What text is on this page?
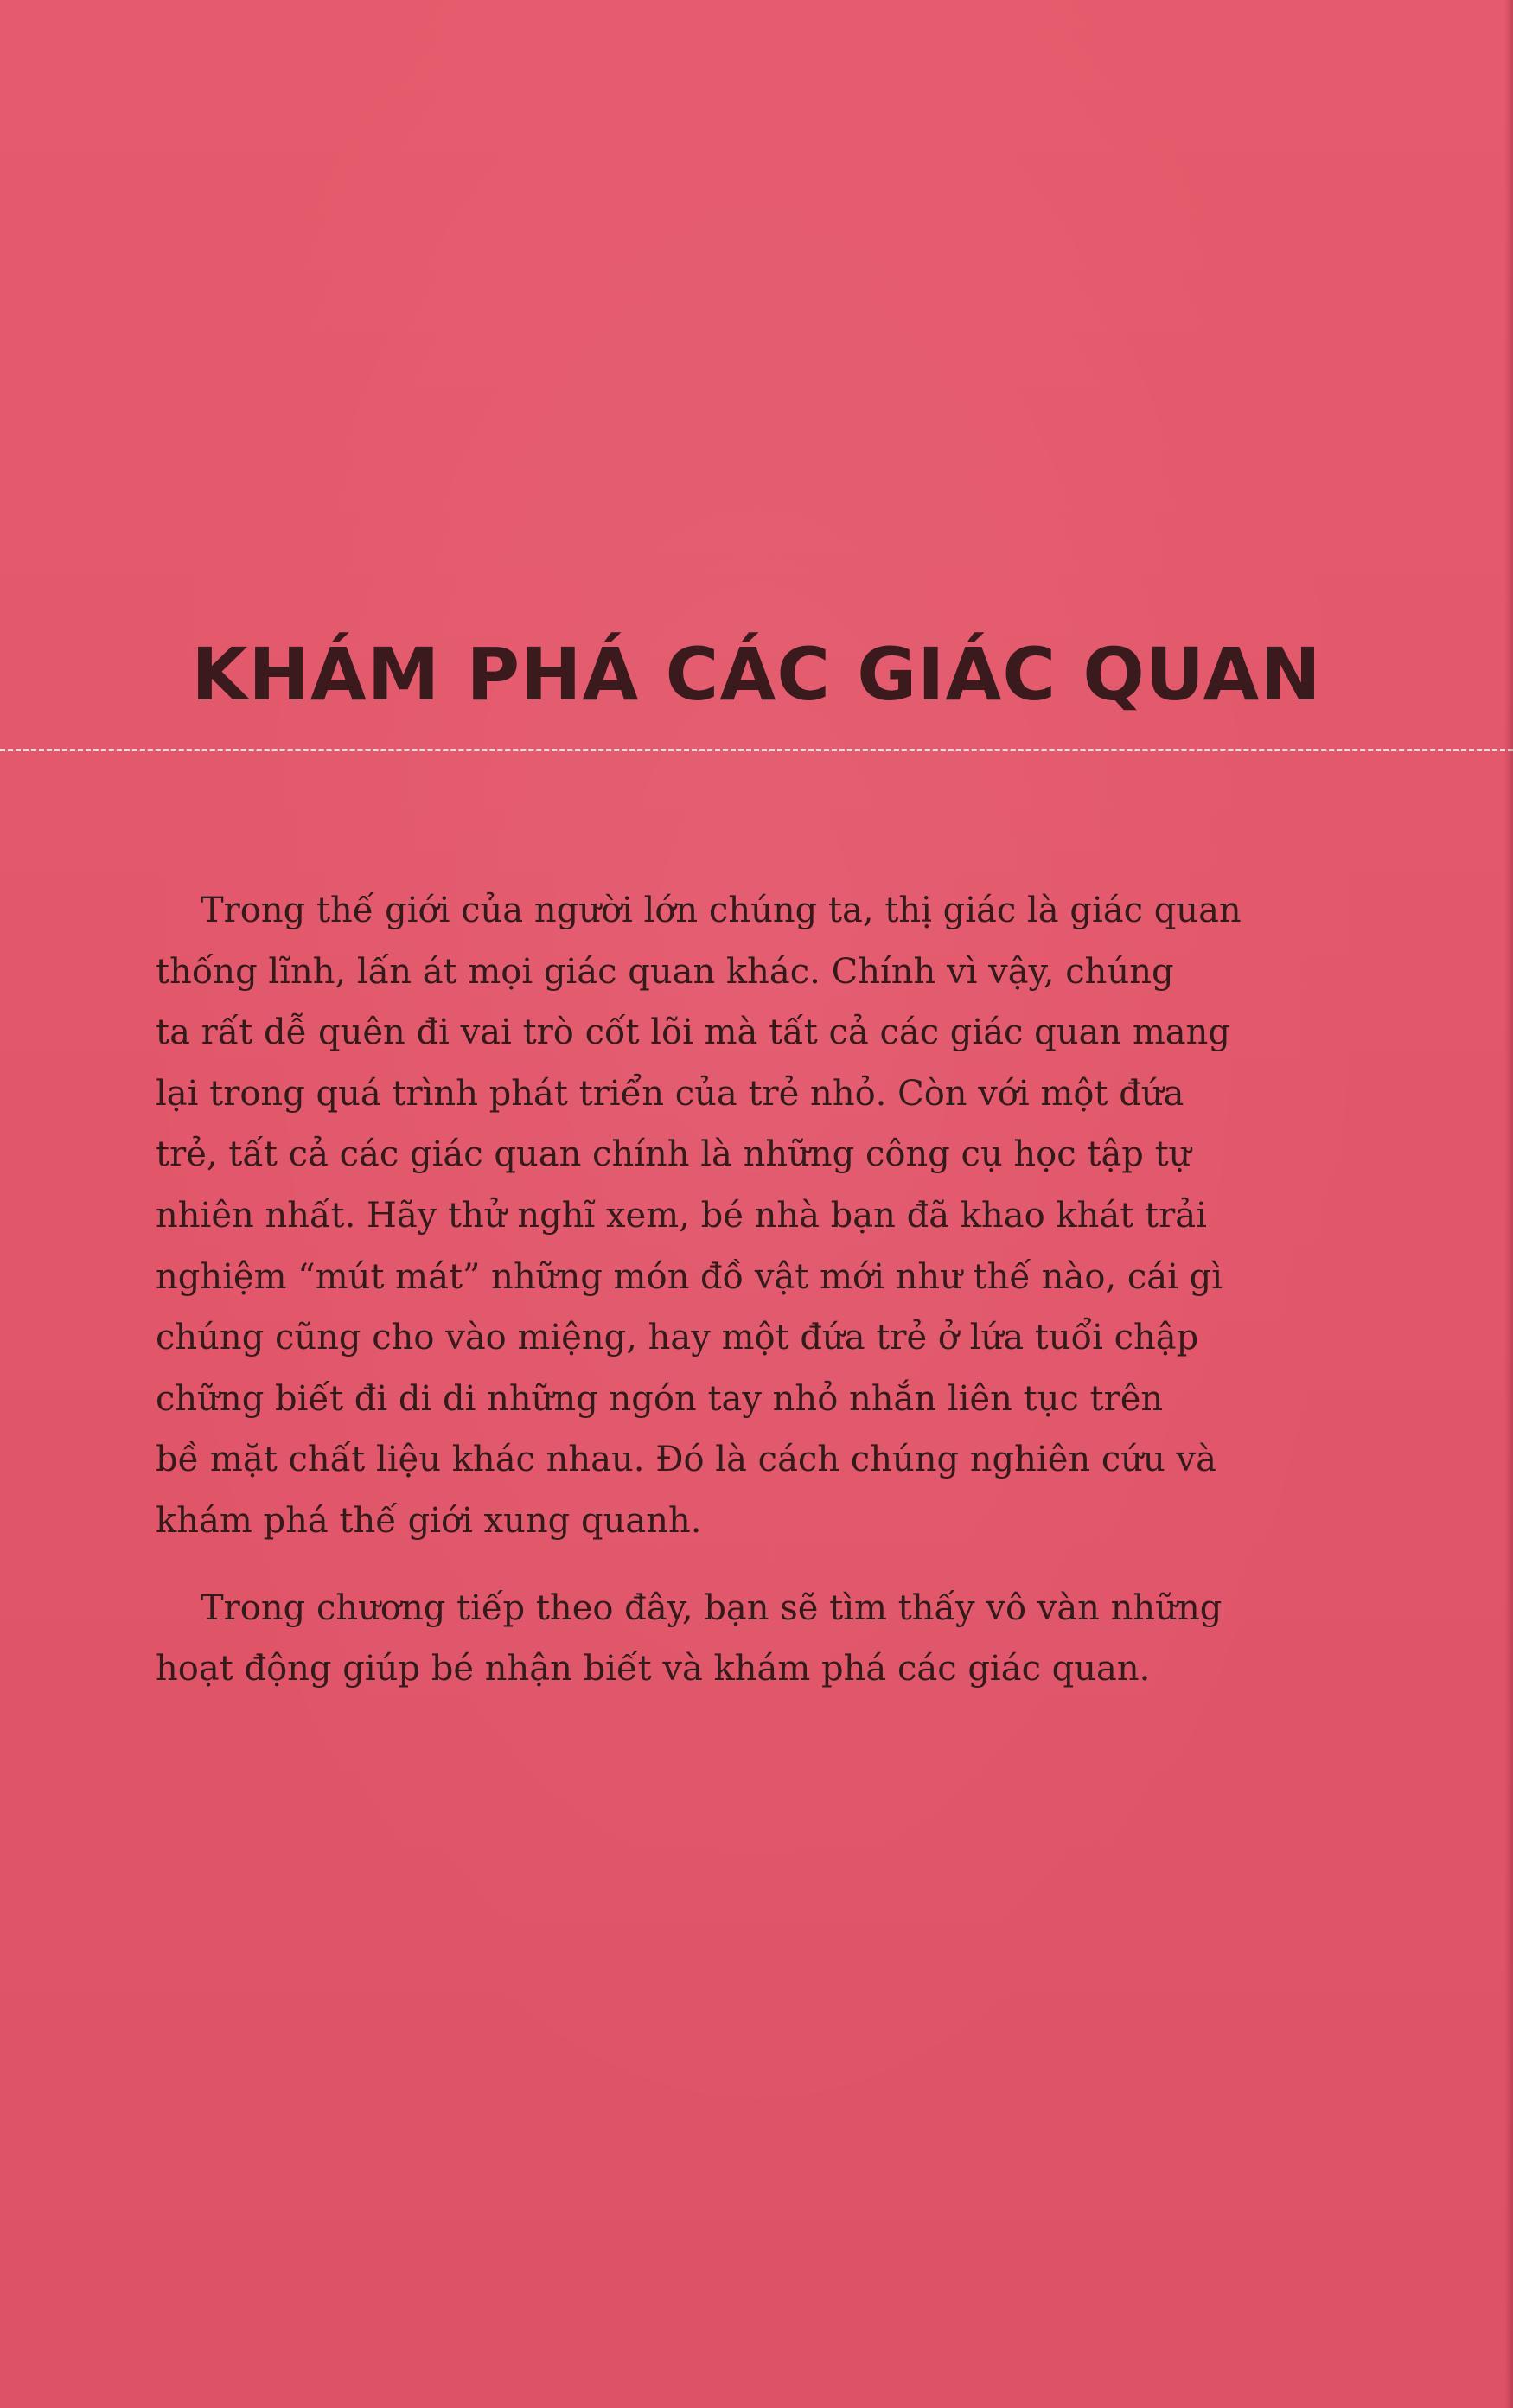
KHÁM PHÁ CÁC GIÁC QUAN

Trong thế giới của người lớn chúng ta, thị giác là giác quan
thống lĩnh, lấn át mọi giác quan khác. Chính vì vậy, chúng
ta rất dễ quên đi vai trò cốt lõi mà tất cả các giác quan mang
lại trong quá trình phát triển của trẻ nhỏ. Còn với một đứa
trẻ, tất cả các giác quan chính là những công cụ học tập tự
nhiên nhất. Hãy thử nghĩ xem, bé nhà bạn đã khao khát trải
nghiệm “mút mát” những món đồ vật mới như thế nào, cái gì
chúng cũng cho vào miệng, hay một đứa trẻ ở lứa tuổi chập
chững biết đi di di những ngón tay nhỏ nhắn liên tục trên
bề mặt chất liệu khác nhau. Đó là cách chúng nghiên cứu và
khám phá thế giới xung quanh.

Trong chương tiếp theo đây, bạn sẽ tìm thấy vô vàn những
hoạt động giúp bé nhận biết và khám phá các giác quan.
